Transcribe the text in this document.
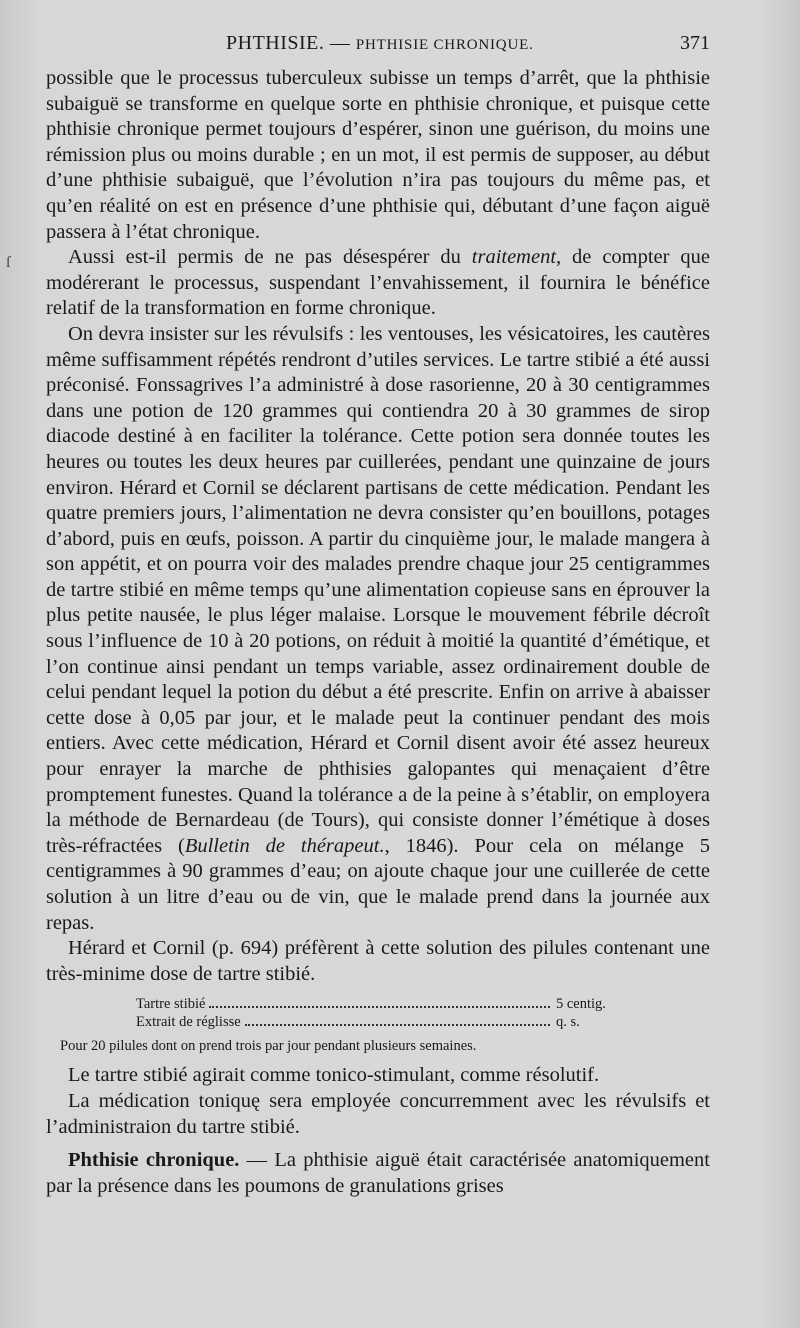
ſ
PHTHISIE. — PHTHISIE CHRONIQUE.	371

possible que le processus tuberculeux subisse un temps d’arrêt, que la phthisie subaiguë se transforme en quelque sorte en phthisie chronique, et puisque cette phthisie chronique permet toujours d’espérer, sinon une guérison, du moins une rémission plus ou moins durable ; en un mot, il est permis de supposer, au début d’une phthisie subaiguë, que l’évolution n’ira pas toujours du même pas, et qu’en réalité on est en présence d’une phthisie qui, débutant d’une façon aiguë passera à l’état chronique.

Aussi est-il permis de ne pas désespérer du traitement, de compter que modérerant le processus, suspendant l’envahissement, il fournira le bénéfice relatif de la transformation en forme chronique.

On devra insister sur les révulsifs : les ventouses, les vésicatoires, les cautères même suffisamment répétés rendront d’utiles services. Le tartre stibié a été aussi préconisé. Fonssagrives l’a administré à dose rasorienne, 20 à 30 centigrammes dans une potion de 120 grammes qui contiendra 20 à 30 grammes de sirop diacode destiné à en faciliter la tolérance. Cette potion sera donnée toutes les heures ou toutes les deux heures par cuillerées, pendant une quinzaine de jours environ. Hérard et Cornil se déclarent partisans de cette médication. Pendant les quatre premiers jours, l’alimentation ne devra consister qu’en bouillons, potages d’abord, puis en œufs, poisson. A partir du cinquième jour, le malade mangera à son appétit, et on pourra voir des malades prendre chaque jour 25 centigrammes de tartre stibié en même temps qu’une alimentation copieuse sans en éprouver la plus petite nausée, le plus léger malaise. Lorsque le mouvement fébrile décroît sous l’influence de 10 à 20 potions, on réduit à moitié la quantité d’émétique, et l’on continue ainsi pendant un temps variable, assez ordinairement double de celui pendant lequel la potion du début a été prescrite. Enfin on arrive à abaisser cette dose à 0,05 par jour, et le malade peut la continuer pendant des mois entiers. Avec cette médication, Hérard et Cornil disent avoir été assez heureux pour enrayer la marche de phthisies galopantes qui menaçaient d’être promptement funestes. Quand la tolérance a de la peine à s’établir, on employera la méthode de Bernardeau (de Tours), qui consiste donner l’émétique à doses très-réfractées (Bulletin de thérapeut., 1846). Pour cela on mélange 5 centigrammes à 90 grammes d’eau; on ajoute chaque jour une cuillerée de cette solution à un litre d’eau ou de vin, que le malade prend dans la journée aux repas.

Hérard et Cornil (p. 694) préfèrent à cette solution des pilules contenant une très-minime dose de tartre stibié.

Tartre stibié	5 centig.
Extrait de réglisse	q. s.
Pour 20 pilules dont on prend trois par jour pendant plusieurs semaines.

Le tartre stibié agirait comme tonico-stimulant, comme résolutif.

La médication toniquę sera employée concurremment avec les révulsifs et l’administraion du tartre stibié.

Phthisie chronique. — La phthisie aiguë était caractérisée anatomiquement par la présence dans les poumons de granulations grises
